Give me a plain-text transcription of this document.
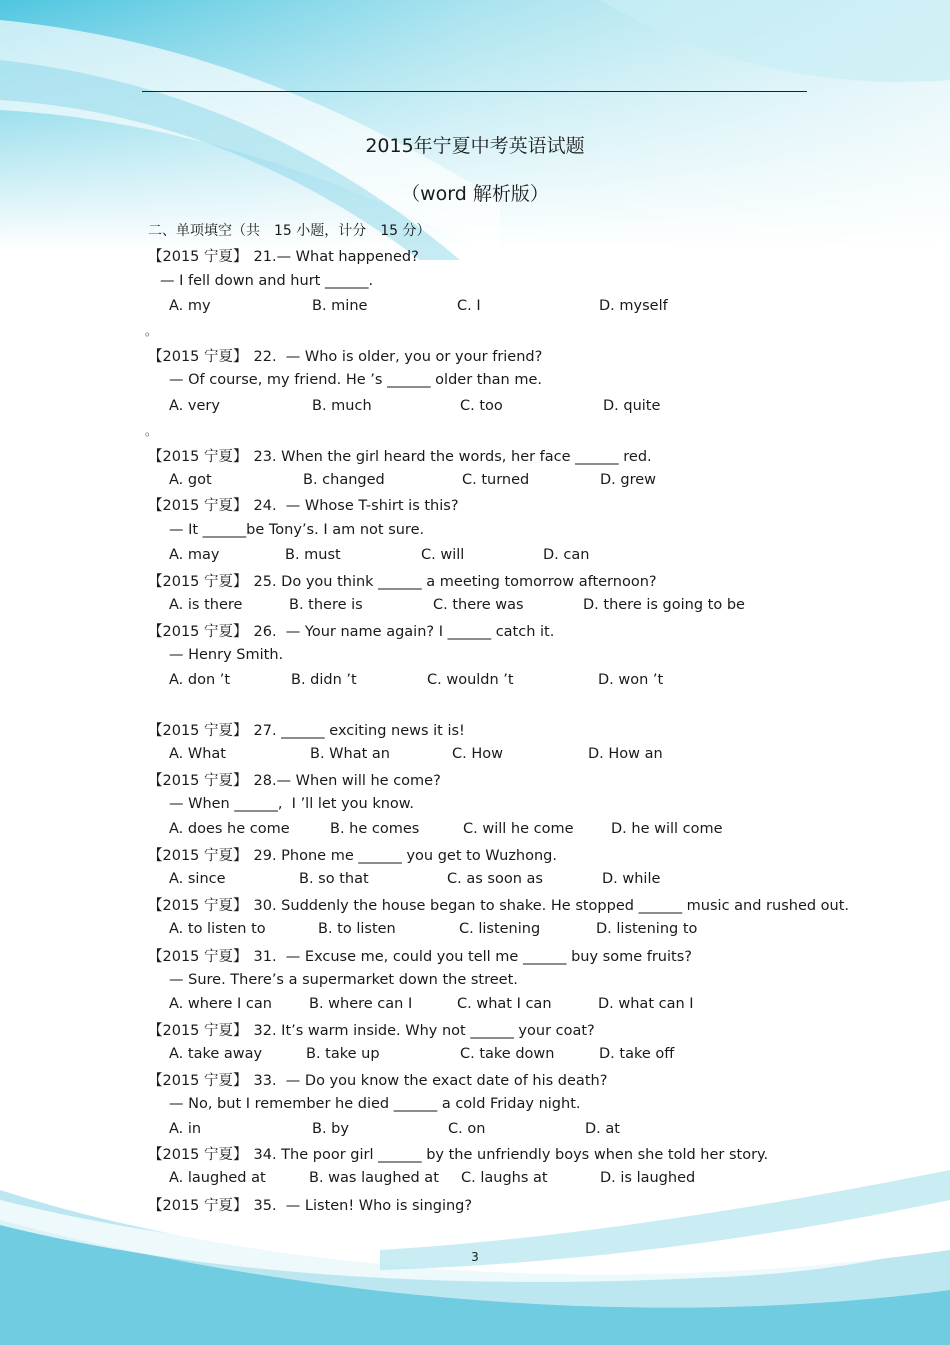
2015年宁夏中考英语试题
（word 解析版）
二、单项填空（共　15 小题，计分　15 分）
【2015 宁夏】 21.— What happened?
— I fell down and hurt ______.
A. my	B. mine	C. I	D. myself
。
【2015 宁夏】 22.  — Who is older, you or your friend?
— Of course, my friend. He ’s ______ older than me.
A. very	B. much	C. too	D. quite
。
【2015 宁夏】 23. When the girl heard the words, her face ______ red.
A. got	B. changed	C. turned	D. grew
【2015 宁夏】 24.  — Whose T-shirt is this?
— It ______be Tony’s. I am not sure.
A. may	B. must	C. will	D. can
【2015 宁夏】 25. Do you think ______ a meeting tomorrow afternoon?
A. is there	B. there is	C. there was	D. there is going to be
【2015 宁夏】 26.  — Your name again? I ______ catch it.
— Henry Smith.
A. don ’t	B. didn ’t	C. wouldn ’t	D. won ’t
【2015 宁夏】 27. ______ exciting news it is!
A. What	B. What an	C. How	D. How an
【2015 宁夏】 28.— When will he come?
— When ______,  I ’ll let you know.
A. does he come	B. he comes	C. will he come	D. he will come
【2015 宁夏】 29. Phone me ______ you get to Wuzhong.
A. since	B. so that	C. as soon as	D. while
【2015 宁夏】 30. Suddenly the house began to shake. He stopped ______ music and rushed out.
A. to listen to	B. to listen	C. listening	D. listening to
【2015 宁夏】 31.  — Excuse me, could you tell me ______ buy some fruits?
— Sure. There’s a supermarket down the street.
A. where I can	B. where can I	C. what I can	D. what can I
【2015 宁夏】 32. It’s warm inside. Why not ______ your coat?
A. take away	B. take up	C. take down	D. take off
【2015 宁夏】 33.  — Do you know the exact date of his death?
— No, but I remember he died ______ a cold Friday night.
A. in	B. by	C. on	D. at
【2015 宁夏】 34. The poor girl ______ by the unfriendly boys when she told her story.
A. laughed at	B. was laughed at C. laughs at	D. is laughed
【2015 宁夏】 35.  — Listen! Who is singing?
3
